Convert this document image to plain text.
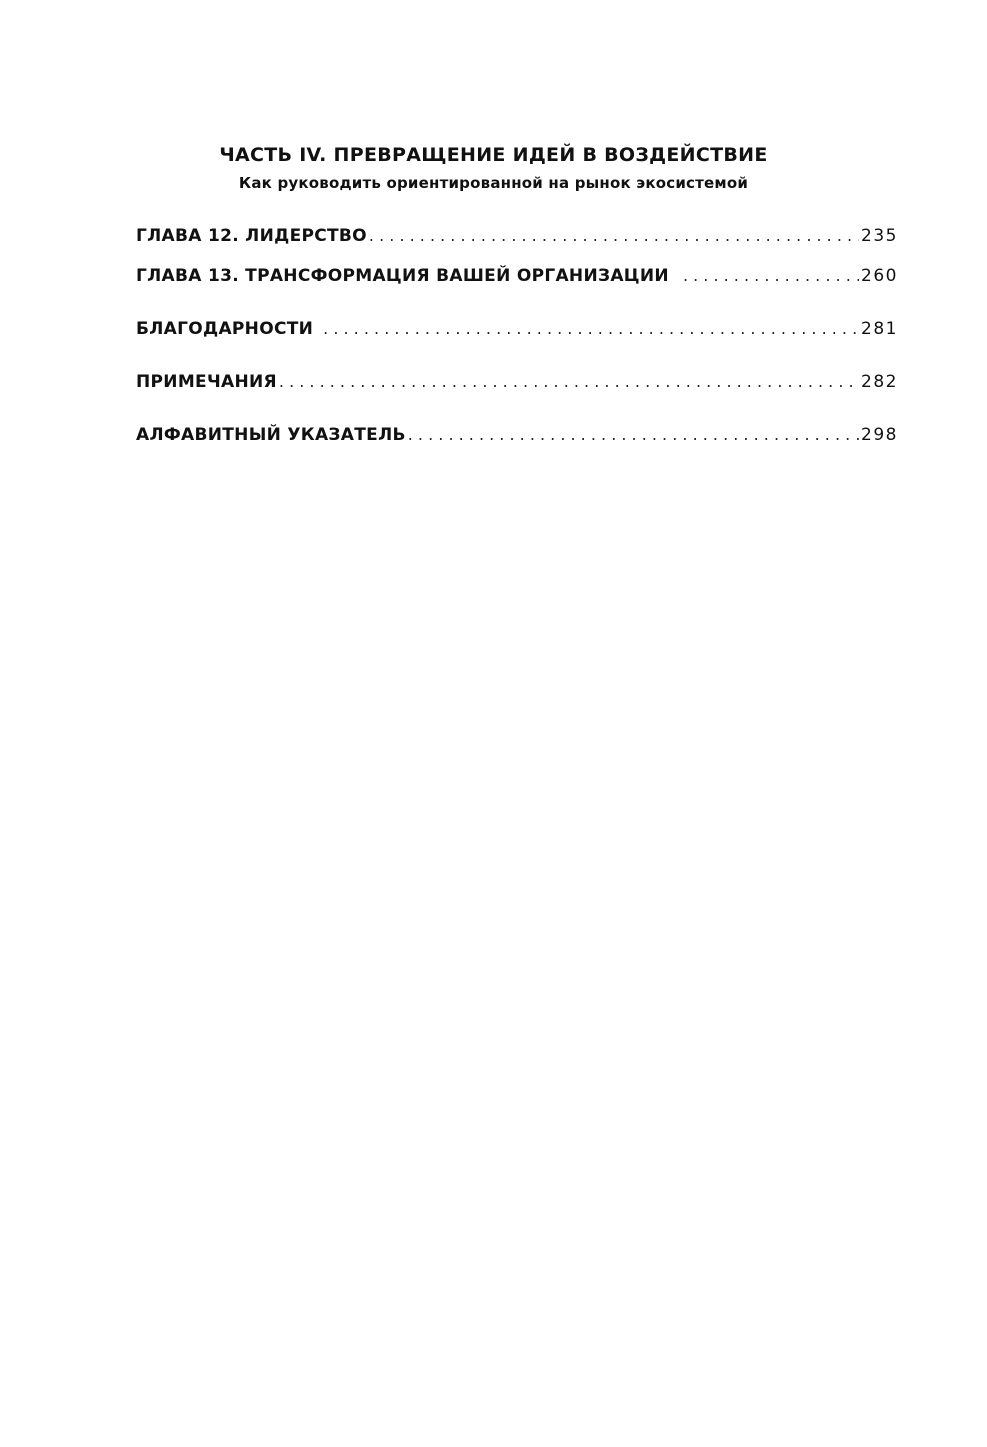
ЧАСТЬ IV. ПРЕВРАЩЕНИЕ ИДЕЙ В ВОЗДЕЙСТВИЕ
Как руководить ориентированной на рынок экосистемой
ГЛАВА 12. ЛИДЕРСТВО . . .	235
ГЛАВА 13. ТРАНСФОРМАЦИЯ ВАШЕЙ ОРГАНИЗАЦИИ . . .	260
БЛАГОДАРНОСТИ . . .	281
ПРИМЕЧАНИЯ . . .	282
АЛФАВИТНЫЙ УКАЗАТЕЛЬ . . .	298
